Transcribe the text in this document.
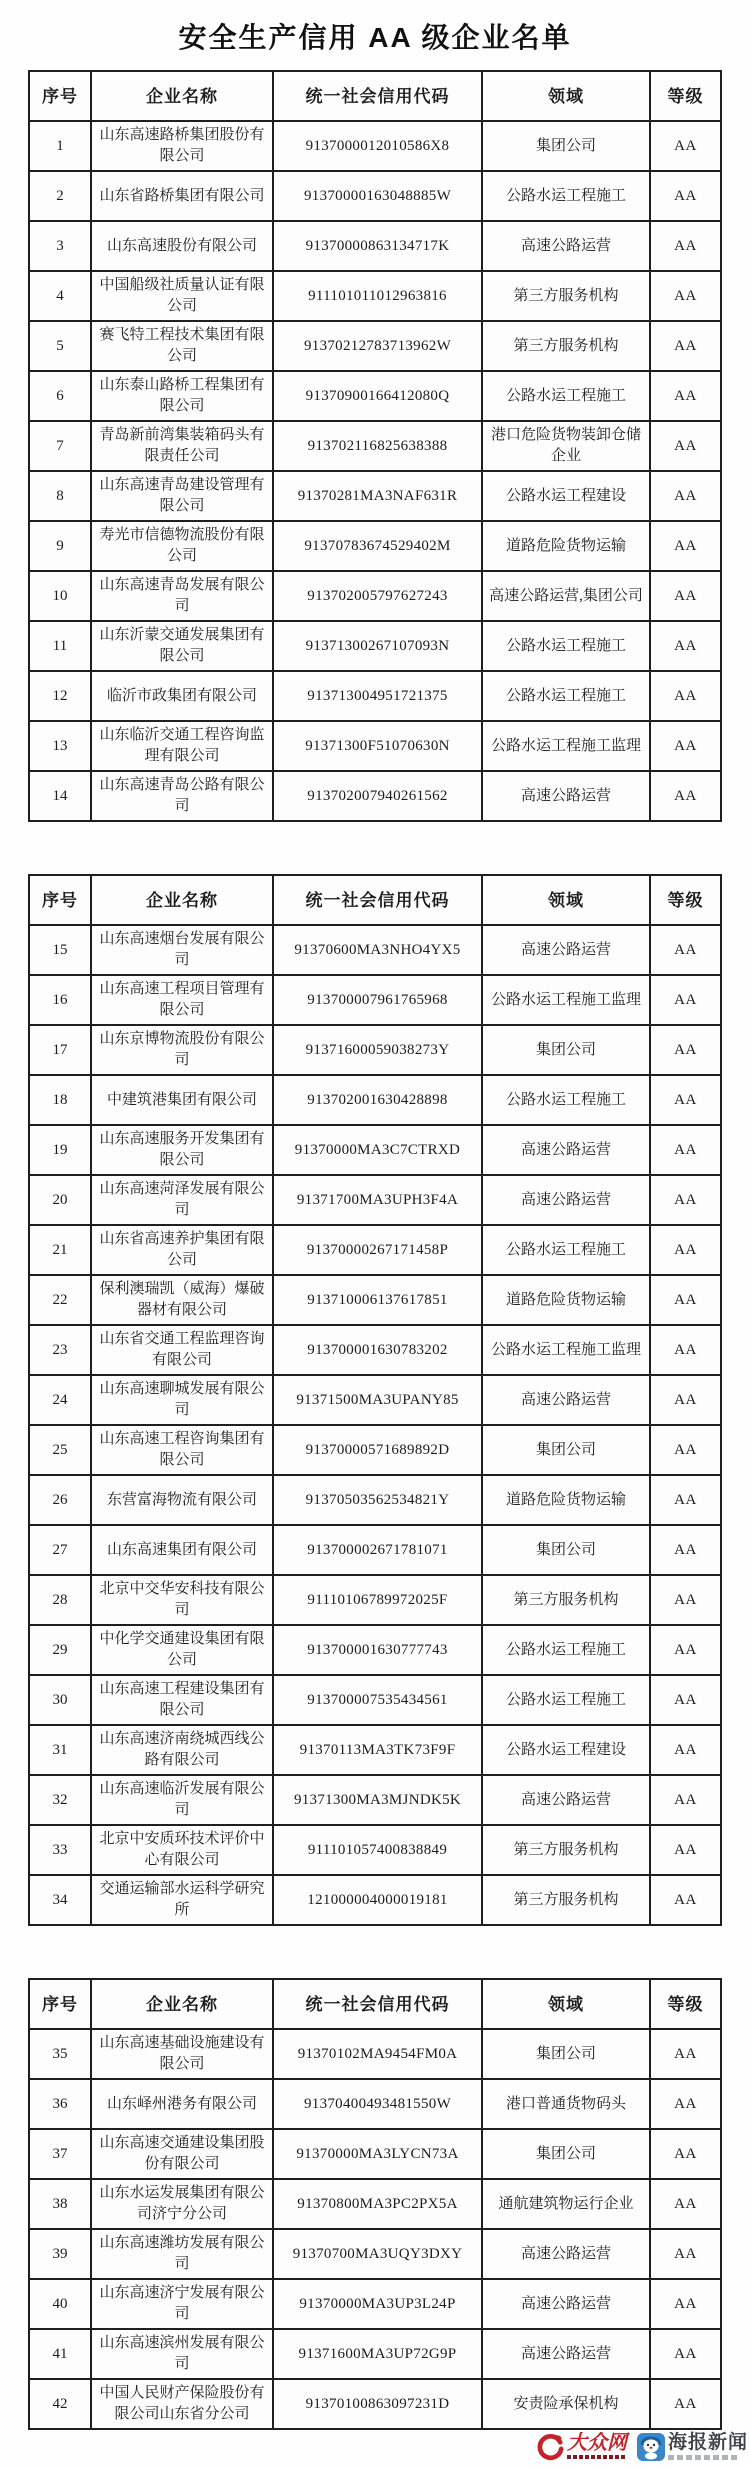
安全生产信用 AA 级企业名单
序号	企业名称	统一社会信用代码	领域	等级
1	山东高速路桥集团股份有限公司	9137000012010586X8	集团公司	AA
2	山东省路桥集团有限公司	91370000163048885W	公路水运工程施工	AA
3	山东高速股份有限公司	91370000863134717K	高速公路运营	AA
4	中国船级社质量认证有限公司	911101011012963816	第三方服务机构	AA
5	赛飞特工程技术集团有限公司	91370212783713962W	第三方服务机构	AA
6	山东泰山路桥工程集团有限公司	91370900166412080Q	公路水运工程施工	AA
7	青岛新前湾集装箱码头有限责任公司	913702116825638388	港口危险货物装卸仓储企业	AA
8	山东高速青岛建设管理有限公司	91370281MA3NAF631R	公路水运工程建设	AA
9	寿光市信德物流股份有限公司	91370783674529402M	道路危险货物运输	AA
10	山东高速青岛发展有限公司	913702005797627243	高速公路运营,集团公司	AA
11	山东沂蒙交通发展集团有限公司	91371300267107093N	公路水运工程施工	AA
12	临沂市政集团有限公司	913713004951721375	公路水运工程施工	AA
13	山东临沂交通工程咨询监理有限公司	91371300F51070630N	公路水运工程施工监理	AA
14	山东高速青岛公路有限公司	913702007940261562	高速公路运营	AA
序号	企业名称	统一社会信用代码	领域	等级
15	山东高速烟台发展有限公司	91370600MA3NHO4YX5	高速公路运营	AA
16	山东高速工程项目管理有限公司	913700007961765968	公路水运工程施工监理	AA
17	山东京博物流股份有限公司	91371600059038273Y	集团公司	AA
18	中建筑港集团有限公司	913702001630428898	公路水运工程施工	AA
19	山东高速服务开发集团有限公司	91370000MA3C7CTRXD	高速公路运营	AA
20	山东高速菏泽发展有限公司	91371700MA3UPH3F4A	高速公路运营	AA
21	山东省高速养护集团有限公司	91370000267171458P	公路水运工程施工	AA
22	保利澳瑞凯（威海）爆破器材有限公司	913710006137617851	道路危险货物运输	AA
23	山东省交通工程监理咨询有限公司	913700001630783202	公路水运工程施工监理	AA
24	山东高速聊城发展有限公司	91371500MA3UPANY85	高速公路运营	AA
25	山东高速工程咨询集团有限公司	91370000571689892D	集团公司	AA
26	东营富海物流有限公司	91370503562534821Y	道路危险货物运输	AA
27	山东高速集团有限公司	913700002671781071	集团公司	AA
28	北京中交华安科技有限公司	91110106789972025F	第三方服务机构	AA
29	中化学交通建设集团有限公司	913700001630777743	公路水运工程施工	AA
30	山东高速工程建设集团有限公司	913700007535434561	公路水运工程施工	AA
31	山东高速济南绕城西线公路有限公司	91370113MA3TK73F9F	公路水运工程建设	AA
32	山东高速临沂发展有限公司	91371300MA3MJNDK5K	高速公路运营	AA
33	北京中安质环技术评价中心有限公司	911101057400838849	第三方服务机构	AA
34	交通运输部水运科学研究所	121000004000019181	第三方服务机构	AA
序号	企业名称	统一社会信用代码	领域	等级
35	山东高速基础设施建设有限公司	91370102MA9454FM0A	集团公司	AA
36	山东峄州港务有限公司	91370400493481550W	港口普通货物码头	AA
37	山东高速交通建设集团股份有限公司	91370000MA3LYCN73A	集团公司	AA
38	山东水运发展集团有限公司济宁分公司	91370800MA3PC2PX5A	通航建筑物运行企业	AA
39	山东高速潍坊发展有限公司	91370700MA3UQY3DXY	高速公路运营	AA
40	山东高速济宁发展有限公司	91370000MA3UP3L24P	高速公路运营	AA
41	山东高速滨州发展有限公司	91371600MA3UP72G9P	高速公路运营	AA
42	中国人民财产保险股份有限公司山东省分公司	91370100863097231D	安责险承保机构	AA
大众网 海报新闻
